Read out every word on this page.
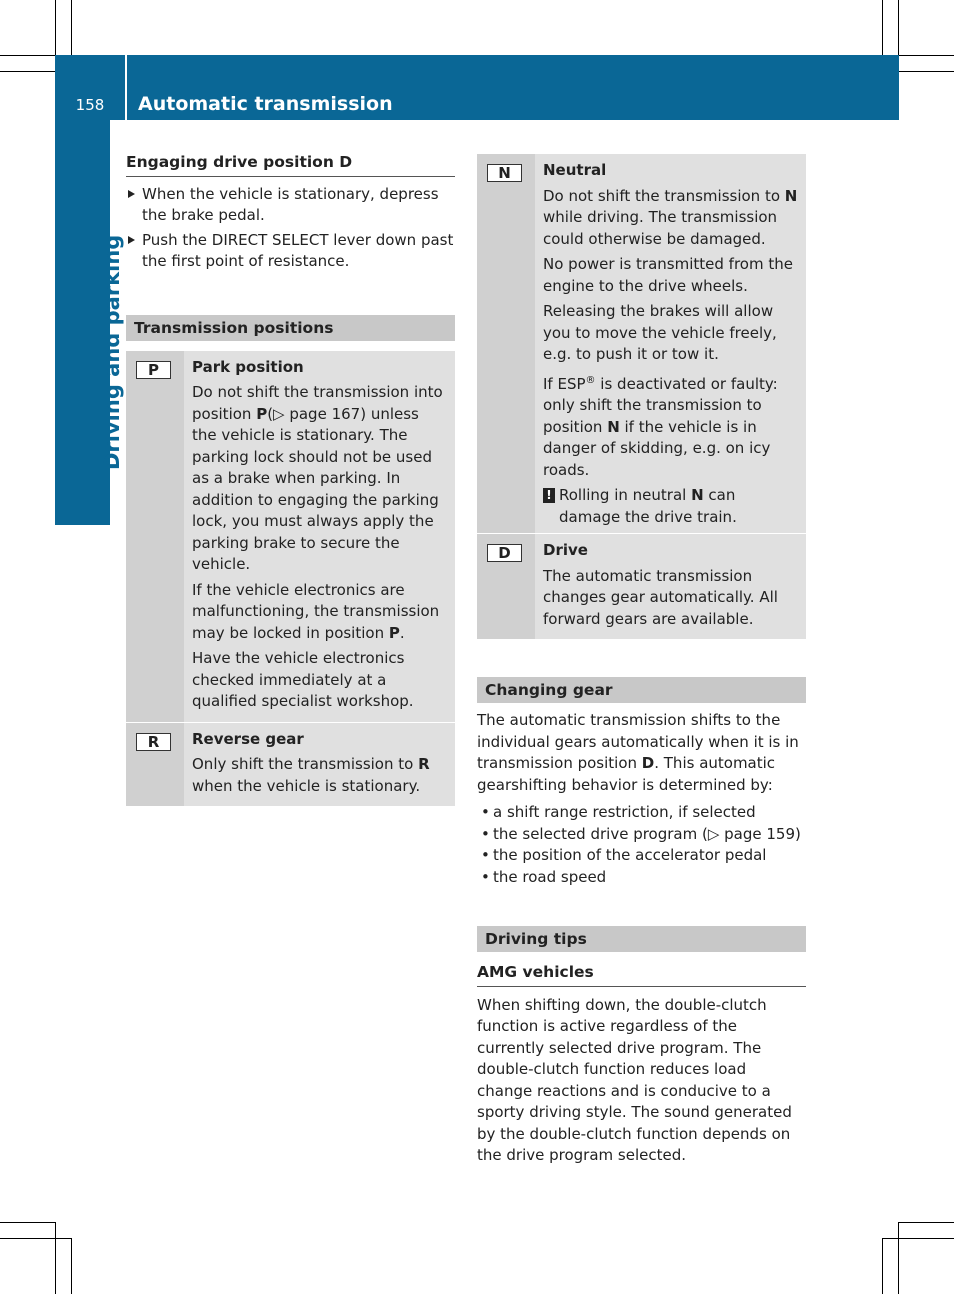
158	Automatic transmission
Driving and parking
Engaging drive position D

When the vehicle is stationary, depress the brake pedal.

Push the DIRECT SELECT lever down past the first point of resistance.

Transmission positions
P	Park position

Do not shift the transmission into position P(▷ page 167) unless the vehicle is stationary. The parking lock should not be used as a brake when parking. In addition to engaging the parking lock, you must always apply the parking brake to secure the vehicle.

If the vehicle electronics are malfunctioning, the transmission may be locked in position P.

Have the vehicle electronics checked immediately at a qualified specialist workshop.

R	Reverse gear

Only shift the transmission to R when the vehicle is stationary.

N	Neutral

Do not shift the transmission to N while driving. The transmission could otherwise be damaged.

No power is transmitted from the engine to the drive wheels.

Releasing the brakes will allow you to move the vehicle freely, e.g. to push it or tow it.

If ESP® is deactivated or faulty: only shift the transmission to position N if the vehicle is in danger of skidding, e.g. on icy roads.

! Rolling in neutral N can damage the drive train.
D	Drive

The automatic transmission changes gear automatically. All forward gears are available.

Changing gear

The automatic transmission shifts to the individual gears automatically when it is in transmission position D. This automatic gearshifting behavior is determined by:

• a shift range restriction, if selected

• the selected drive program (▷ page 159)

• the position of the accelerator pedal

• the road speed

Driving tips
AMG vehicles

When shifting down, the double-clutch function is active regardless of the currently selected drive program. The double-clutch function reduces load change reactions and is conducive to a sporty driving style. The sound generated by the double-clutch function depends on the drive program selected.
